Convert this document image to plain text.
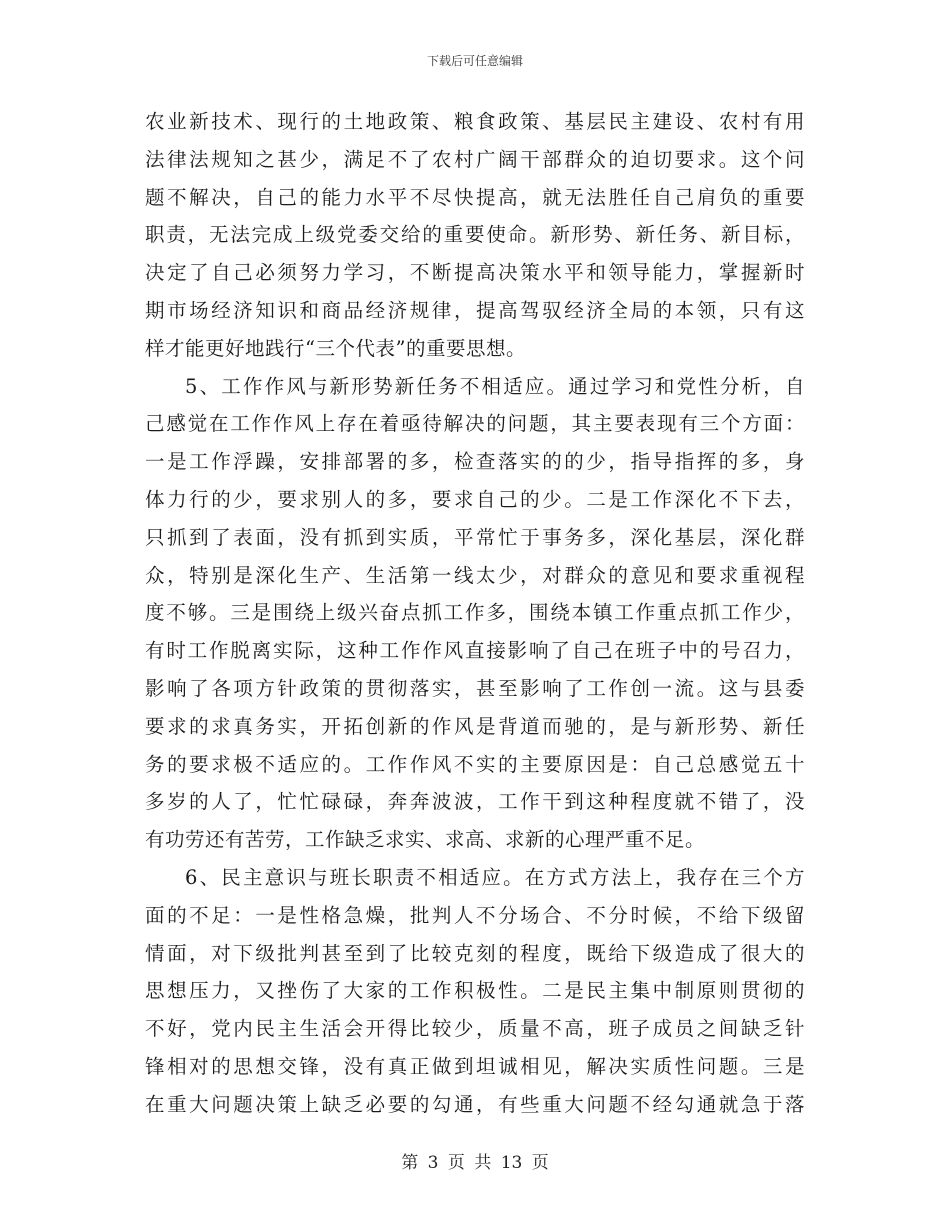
下载后可任意编辑
农业新技术、现行的土地政策、粮食政策、基层民主建设、农村有用
法律法规知之甚少，满足不了农村广阔干部群众的迫切要求。这个问
题不解决，自己的能力水平不尽快提高，就无法胜任自己肩负的重要
职责，无法完成上级党委交给的重要使命。新形势、新任务、新目标，
决定了自己必须努力学习，不断提高决策水平和领导能力，掌握新时
期市场经济知识和商品经济规律，提高驾驭经济全局的本领，只有这
样才能更好地践行“三个代表”的重要思想。
5、工作作风与新形势新任务不相适应。通过学习和党性分析，自
己感觉在工作作风上存在着亟待解决的问题，其主要表现有三个方面：
一是工作浮躁，安排部署的多，检查落实的的少，指导指挥的多，身
体力行的少，要求别人的多，要求自己的少。二是工作深化不下去，
只抓到了表面，没有抓到实质，平常忙于事务多，深化基层，深化群
众，特别是深化生产、生活第一线太少，对群众的意见和要求重视程
度不够。三是围绕上级兴奋点抓工作多，围绕本镇工作重点抓工作少，
有时工作脱离实际，这种工作作风直接影响了自己在班子中的号召力，
影响了各项方针政策的贯彻落实，甚至影响了工作创一流。这与县委
要求的求真务实，开拓创新的作风是背道而驰的，是与新形势、新任
务的要求极不适应的。工作作风不实的主要原因是：自己总感觉五十
多岁的人了，忙忙碌碌，奔奔波波，工作干到这种程度就不错了，没
有功劳还有苦劳，工作缺乏求实、求高、求新的心理严重不足。
6、民主意识与班长职责不相适应。在方式方法上，我存在三个方
面的不足：一是性格急燥，批判人不分场合、不分时候，不给下级留
情面，对下级批判甚至到了比较克刻的程度，既给下级造成了很大的
思想压力，又挫伤了大家的工作积极性。二是民主集中制原则贯彻的
不好，党内民主生活会开得比较少，质量不高，班子成员之间缺乏针
锋相对的思想交锋，没有真正做到坦诚相见，解决实质性问题。三是
在重大问题决策上缺乏必要的勾通，有些重大问题不经勾通就急于落
第 3 页 共 13 页
